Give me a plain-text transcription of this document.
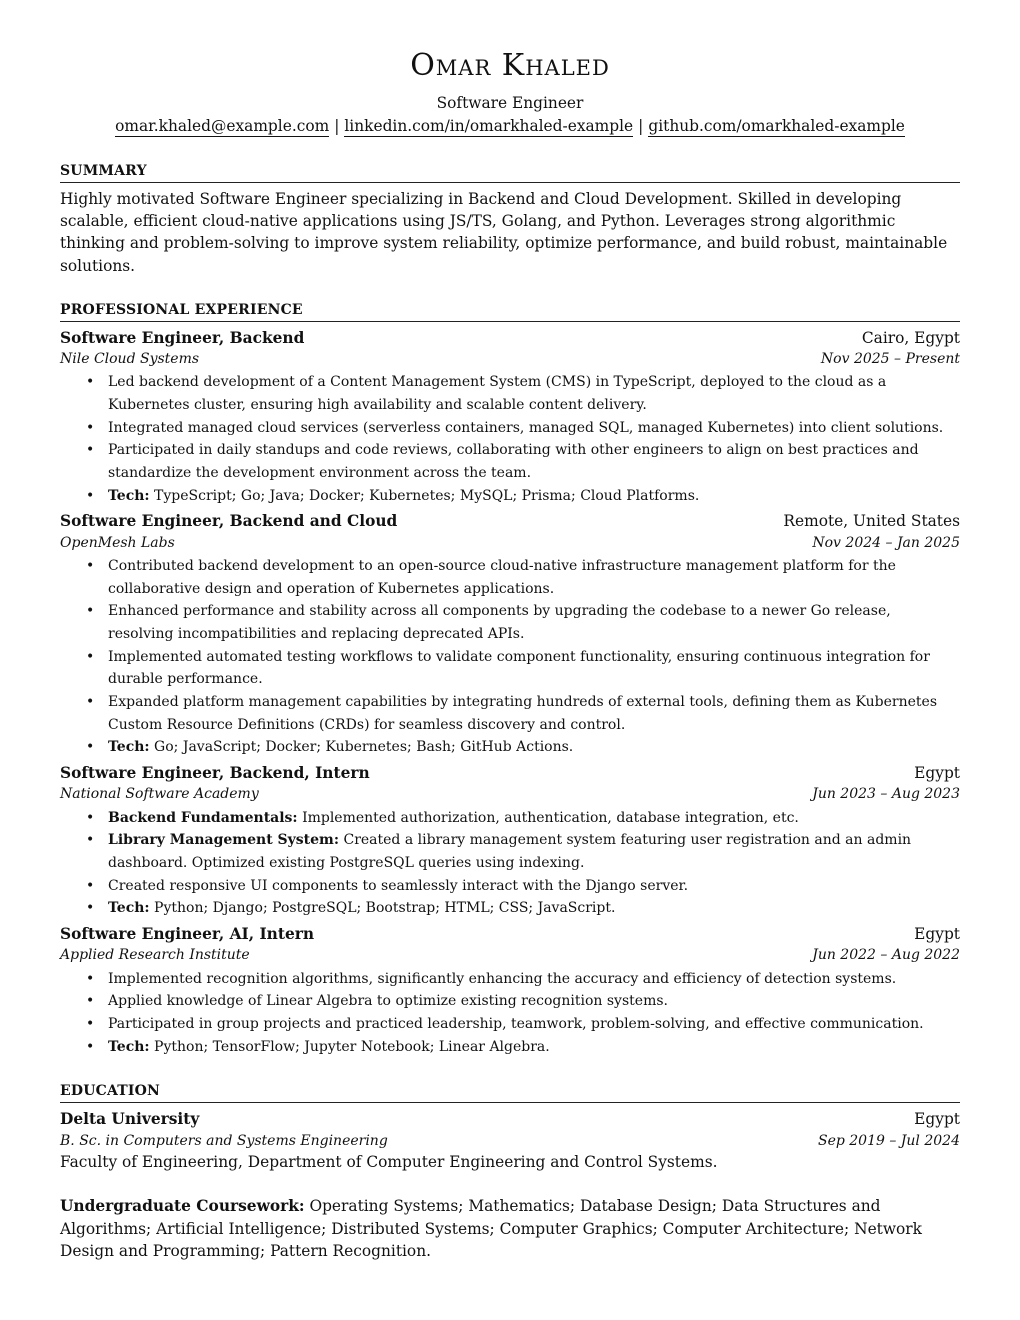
Omar Khaled

Software Engineer

omar.khaled@example.com | linkedin.com/in/omarkhaled-example | github.com/omarkhaled-example

SUMMARY

Highly motivated Software Engineer specializing in Backend and Cloud Development. Skilled in developing scalable, efficient cloud-native applications using JS/TS, Golang, and Python. Leverages strong algorithmic thinking and problem-solving to improve system reliability, optimize performance, and build robust, maintainable solutions.

PROFESSIONAL EXPERIENCE
Software Engineer, Backend	Cairo, Egypt
Nile Cloud Systems	Nov 2025 – Present
• Led backend development of a Content Management System (CMS) in TypeScript, deployed to the cloud as a Kubernetes cluster, ensuring high availability and scalable content delivery.
• Integrated managed cloud services (serverless containers, managed SQL, managed Kubernetes) into client solutions.
• Participated in daily standups and code reviews, collaborating with other engineers to align on best practices and standardize the development environment across the team.
• Tech: TypeScript; Go; Java; Docker; Kubernetes; MySQL; Prisma; Cloud Platforms.
Software Engineer, Backend and Cloud	Remote, United States
OpenMesh Labs	Nov 2024 – Jan 2025
• Contributed backend development to an open-source cloud-native infrastructure management platform for the collaborative design and operation of Kubernetes applications.
• Enhanced performance and stability across all components by upgrading the codebase to a newer Go release, resolving incompatibilities and replacing deprecated APIs.
• Implemented automated testing workflows to validate component functionality, ensuring continuous integration for durable performance.
• Expanded platform management capabilities by integrating hundreds of external tools, defining them as Kubernetes Custom Resource Definitions (CRDs) for seamless discovery and control.
• Tech: Go; JavaScript; Docker; Kubernetes; Bash; GitHub Actions.
Software Engineer, Backend, Intern	Egypt
National Software Academy	Jun 2023 – Aug 2023
• Backend Fundamentals: Implemented authorization, authentication, database integration, etc.
• Library Management System: Created a library management system featuring user registration and an admin dashboard. Optimized existing PostgreSQL queries using indexing.
• Created responsive UI components to seamlessly interact with the Django server.
• Tech: Python; Django; PostgreSQL; Bootstrap; HTML; CSS; JavaScript.
Software Engineer, AI, Intern	Egypt
Applied Research Institute	Jun 2022 – Aug 2022
• Implemented recognition algorithms, significantly enhancing the accuracy and efficiency of detection systems.
• Applied knowledge of Linear Algebra to optimize existing recognition systems.
• Participated in group projects and practiced leadership, teamwork, problem-solving, and effective communication.
• Tech: Python; TensorFlow; Jupyter Notebook; Linear Algebra.
EDUCATION
Delta University	Egypt
B. Sc. in Computers and Systems Engineering	Sep 2019 – Jul 2024

Faculty of Engineering, Department of Computer Engineering and Control Systems.

Undergraduate Coursework: Operating Systems; Mathematics; Database Design; Data Structures and Algorithms; Artificial Intelligence; Distributed Systems; Computer Graphics; Computer Architecture; Network Design and Programming; Pattern Recognition.
